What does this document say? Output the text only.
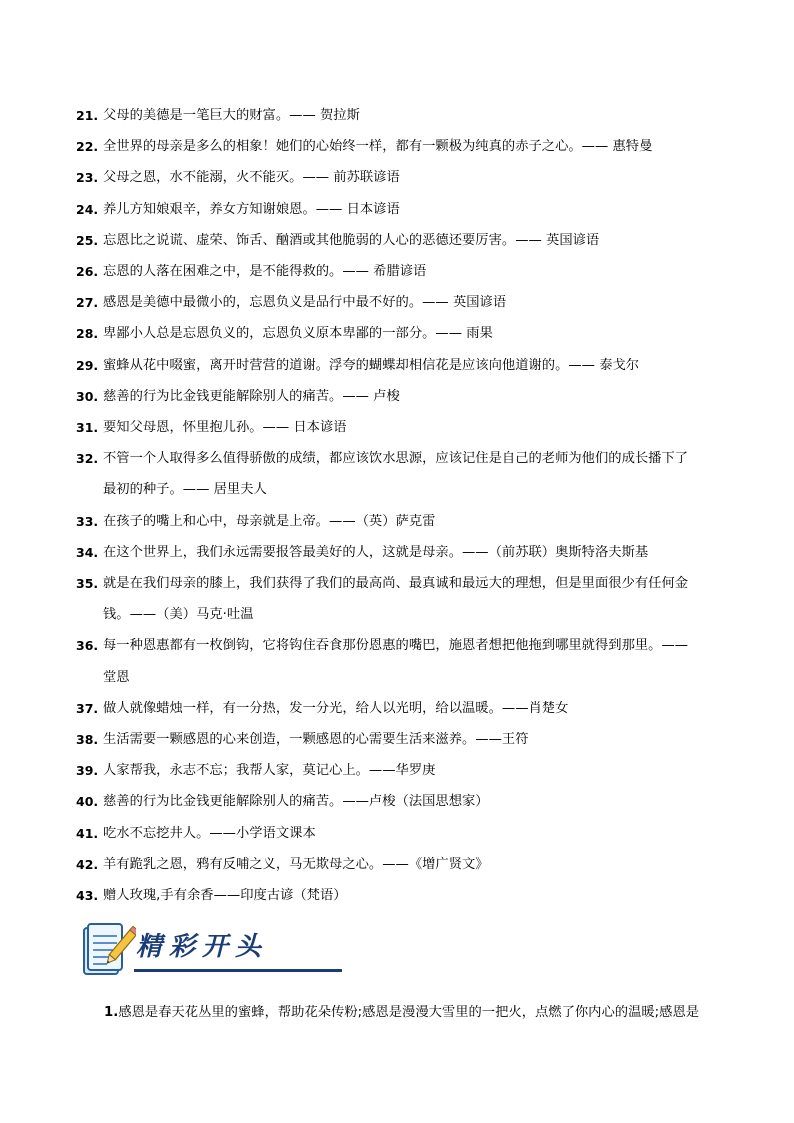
21. 父母的美德是一笔巨大的财富。—— 贺拉斯
22. 全世界的母亲是多么的相象！她们的心始终一样，都有一颗极为纯真的赤子之心。—— 惠特曼
23. 父母之恩，水不能溺，火不能灭。—— 前苏联谚语
24. 养儿方知娘艰辛，养女方知谢娘恩。—— 日本谚语
25. 忘恩比之说谎、虚荣、饰舌、酗酒或其他脆弱的人心的恶德还要厉害。—— 英国谚语
26. 忘恩的人落在困难之中，是不能得救的。—— 希腊谚语
27. 感恩是美德中最微小的，忘恩负义是品行中最不好的。—— 英国谚语
28. 卑鄙小人总是忘恩负义的，忘恩负义原本卑鄙的一部分。—— 雨果
29. 蜜蜂从花中啜蜜，离开时营营的道谢。浮夸的蝴蝶却相信花是应该向他道谢的。—— 泰戈尔
30. 慈善的行为比金钱更能解除别人的痛苦。—— 卢梭
31. 要知父母恩，怀里抱儿孙。—— 日本谚语
32. 不管一个人取得多么值得骄傲的成绩，都应该饮水思源，应该记住是自己的老师为他们的成长播下了
最初的种子。—— 居里夫人
33. 在孩子的嘴上和心中，母亲就是上帝。——（英）萨克雷
34. 在这个世界上，我们永远需要报答最美好的人，这就是母亲。——（前苏联）奥斯特洛夫斯基
35. 就是在我们母亲的膝上，我们获得了我们的最高尚、最真诚和最远大的理想，但是里面很少有任何金
钱。——（美）马克·吐温
36. 每一种恩惠都有一枚倒钩，它将钩住吞食那份恩惠的嘴巴，施恩者想把他拖到哪里就得到那里。——
堂恩
37. 做人就像蜡烛一样，有一分热，发一分光，给人以光明，给以温暖。——肖楚女
38. 生活需要一颗感恩的心来创造，一颗感恩的心需要生活来滋养。——王符
39. 人家帮我，永志不忘；我帮人家，莫记心上。——华罗庚
40. 慈善的行为比金钱更能解除别人的痛苦。——卢梭（法国思想家）
41. 吃水不忘挖井人。——小学语文课本
42. 羊有跪乳之恩，鸦有反哺之义，马无欺母之心。——《增广贤文》
43. 赠人玫瑰,手有余香——印度古谚（梵语）
精彩开头
1.感恩是春天花丛里的蜜蜂，帮助花朵传粉;感恩是漫漫大雪里的一把火，点燃了你内心的温暖;感恩是
